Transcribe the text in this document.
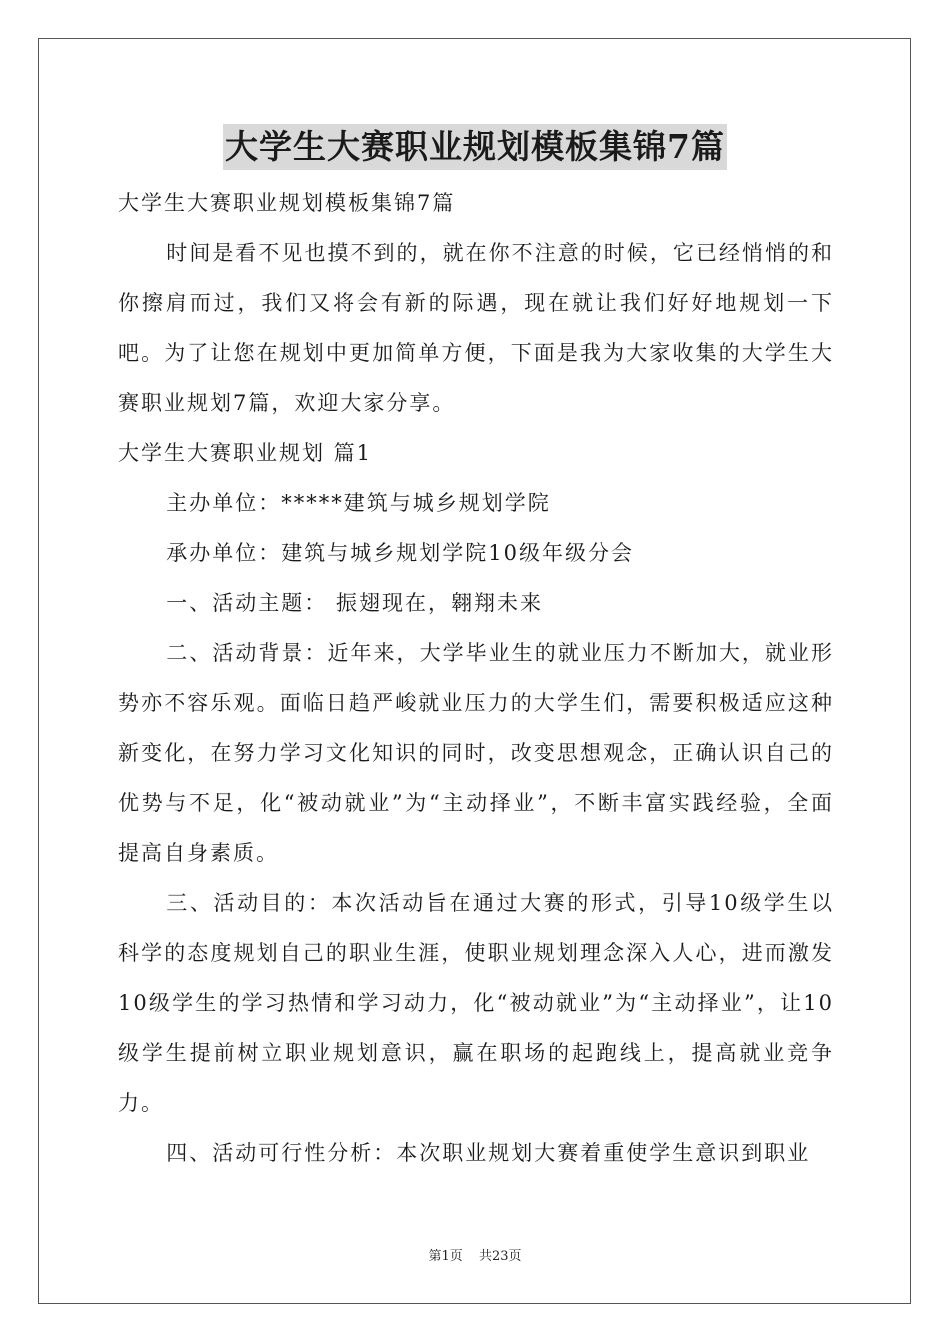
大学生大赛职业规划模板集锦7篇

大学生大赛职业规划模板集锦7篇

时间是看不见也摸不到的，就在你不注意的时候，它已经悄悄的和你擦肩而过，我们又将会有新的际遇，现在就让我们好好地规划一下吧。为了让您在规划中更加简单方便，下面是我为大家收集的大学生大赛职业规划7篇，欢迎大家分享。

大学生大赛职业规划 篇1

主办单位：*****建筑与城乡规划学院

承办单位：建筑与城乡规划学院10级年级分会

一、活动主题： 振翅现在，翱翔未来

二、活动背景：近年来，大学毕业生的就业压力不断加大，就业形势亦不容乐观。面临日趋严峻就业压力的大学生们，需要积极适应这种新变化，在努力学习文化知识的同时，改变思想观念，正确认识自己的优势与不足，化“被动就业”为“主动择业”，不断丰富实践经验，全面提高自身素质。

三、活动目的：本次活动旨在通过大赛的形式，引导10级学生以科学的态度规划自己的职业生涯，使职业规划理念深入人心，进而激发10级学生的学习热情和学习动力，化“被动就业”为“主动择业”，让10级学生提前树立职业规划意识，赢在职场的起跑线上，提高就业竞争力。

四、活动可行性分析：本次职业规划大赛着重使学生意识到职业

第1页 共23页
